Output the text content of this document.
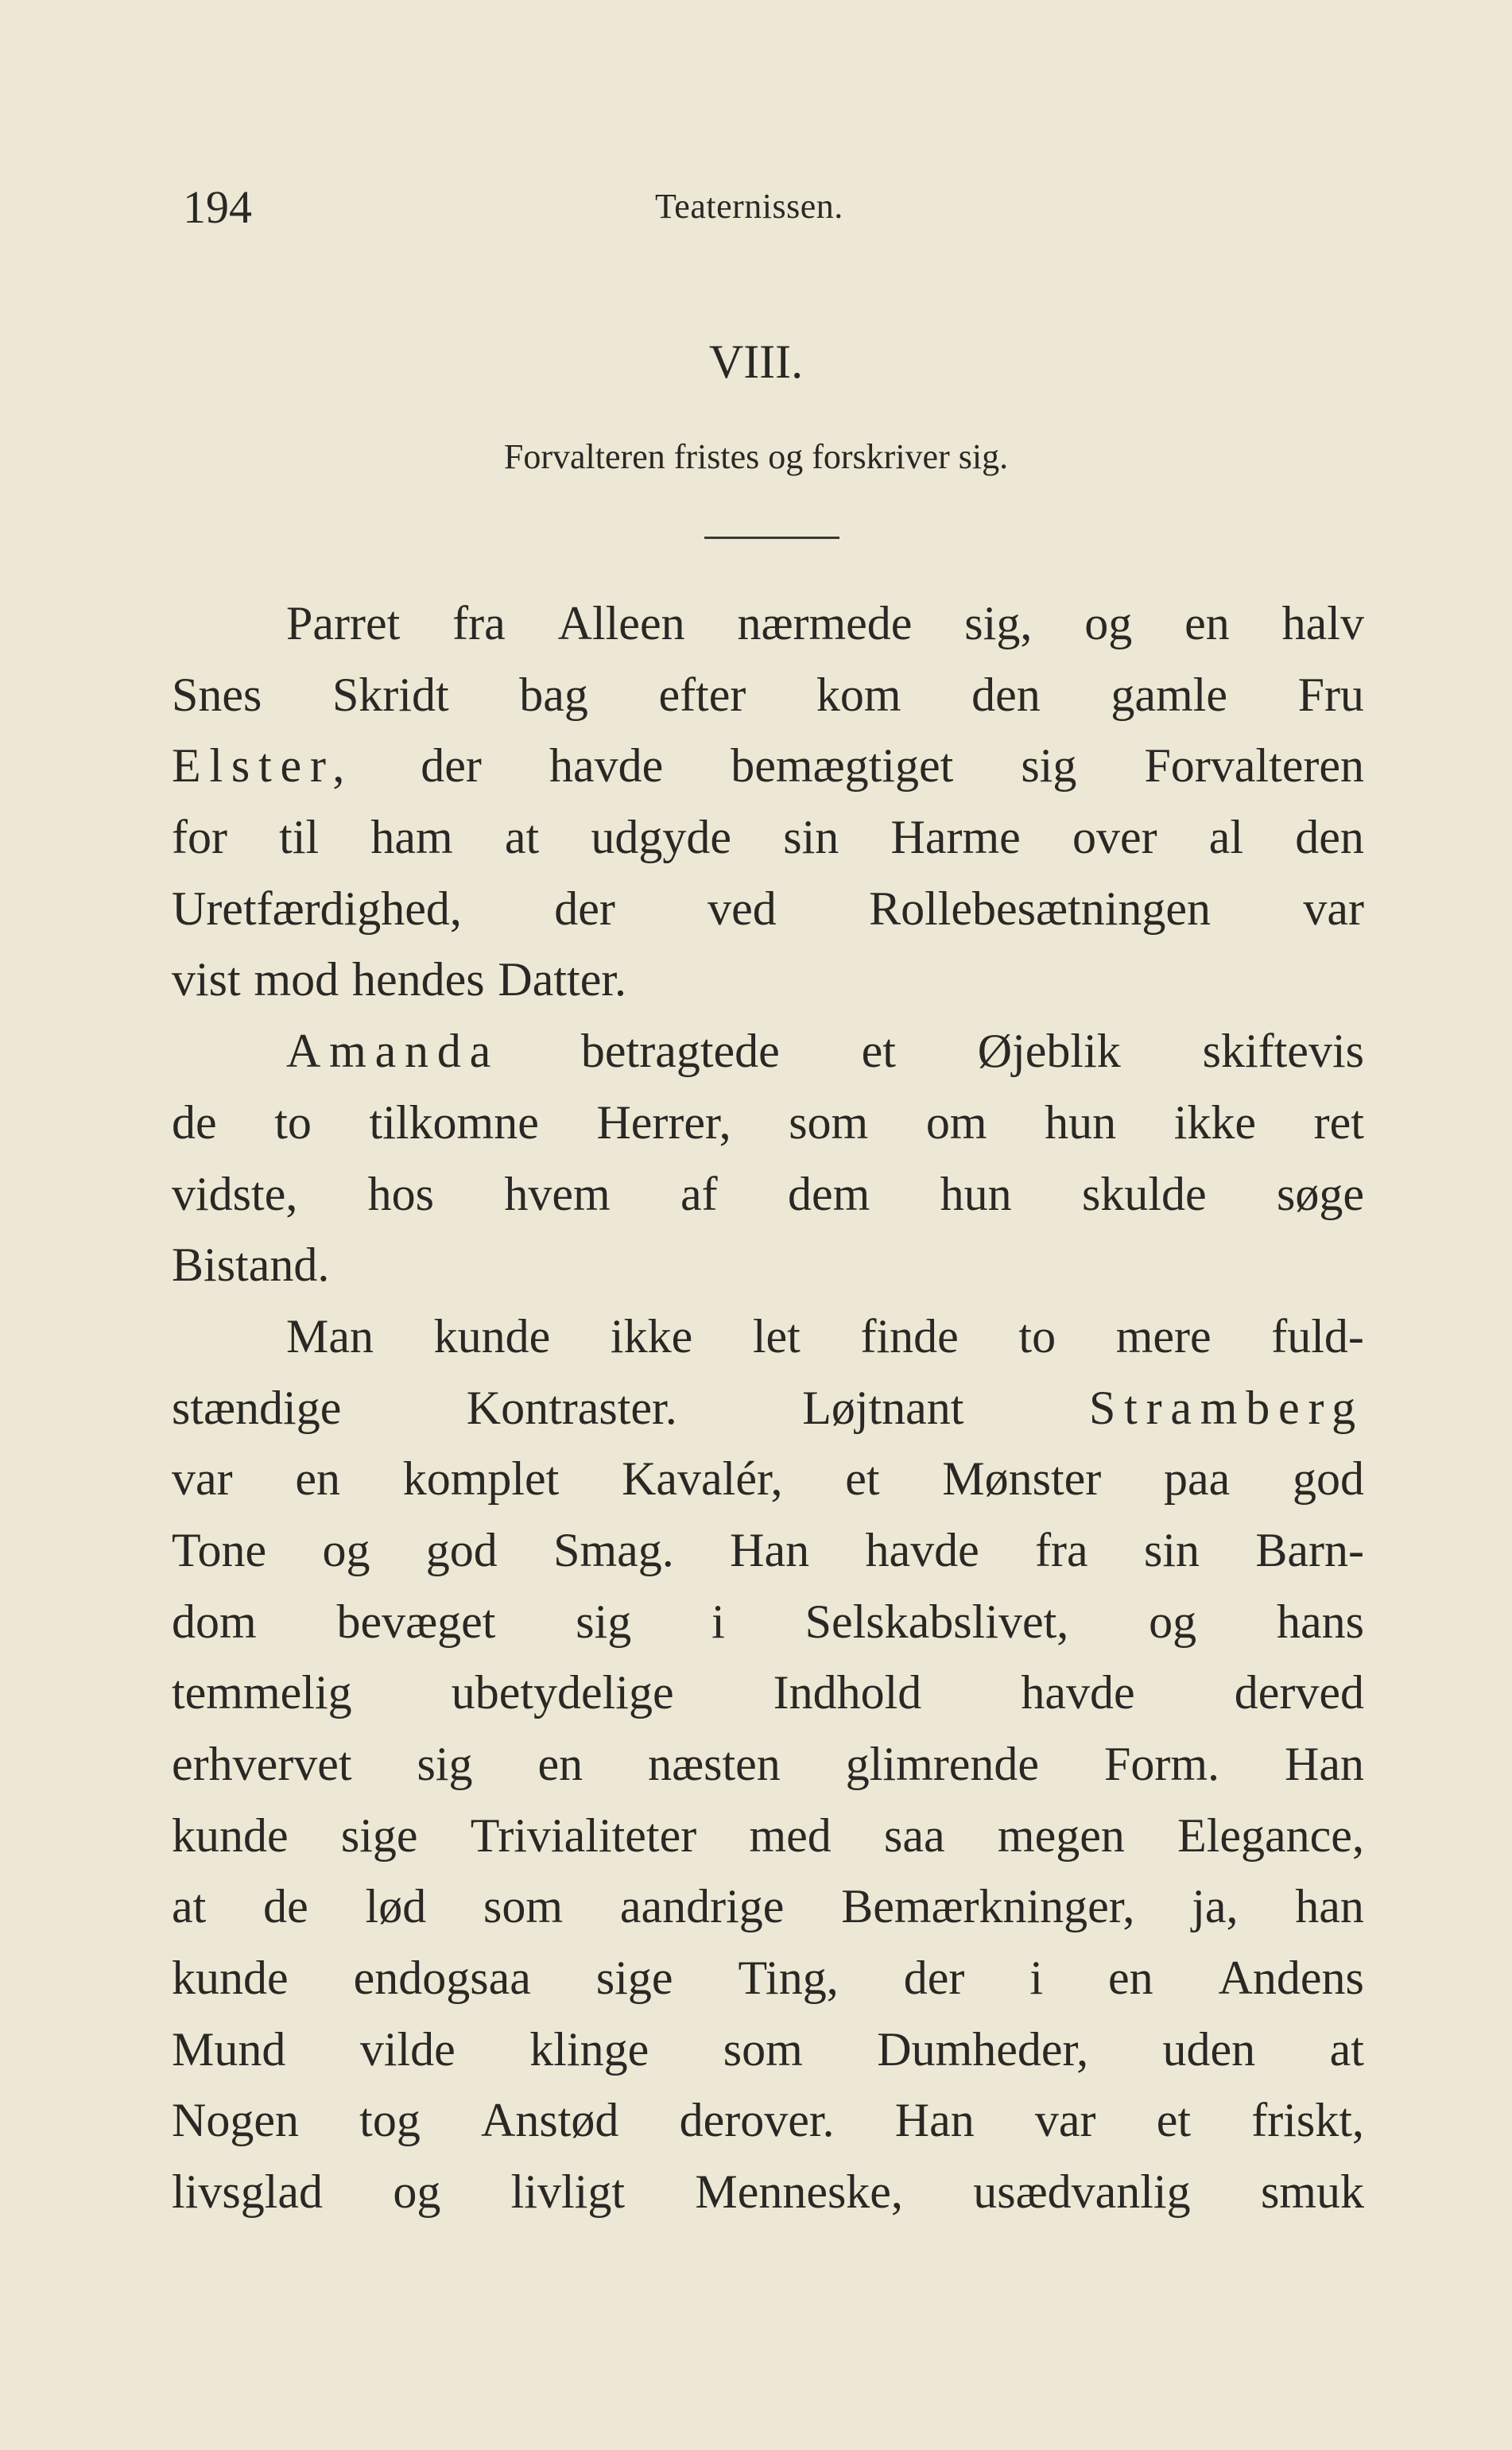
194	Teaternissen.
VIII.
Forvalteren fristes og forskriver sig.
Parret fra Alleen nærmede sig, og en halv
Snes Skridt bag efter kom den gamle Fru
Elster, der havde bemægtiget sig Forvalteren
for til ham at udgyde sin Harme over al den
Uretfærdighed, der ved Rollebesætningen var
vist mod hendes Datter.
Amanda betragtede et Øjeblik skiftevis
de to tilkomne Herrer, som om hun ikke ret
vidste, hos hvem af dem hun skulde søge
Bistand.
Man kunde ikke let finde to mere fuld-
stændige	Kontraster.	Løjtnant	Stramberg
var en komplet Kavalér, et Mønster paa god
Tone og god Smag. Han havde fra sin Barn-
dom bevæget sig i Selskabslivet, og hans
temmelig ubetydelige Indhold havde derved
erhvervet sig en næsten glimrende Form. Han
kunde sige Trivialiteter med saa megen Elegance,
at de lød som aandrige Bemærkninger, ja, han
kunde endogsaa sige Ting, der i en Andens
Mund vilde klinge som Dumheder, uden at
Nogen tog Anstød derover. Han var et friskt,
livsglad og livligt Menneske, usædvanlig smuk
